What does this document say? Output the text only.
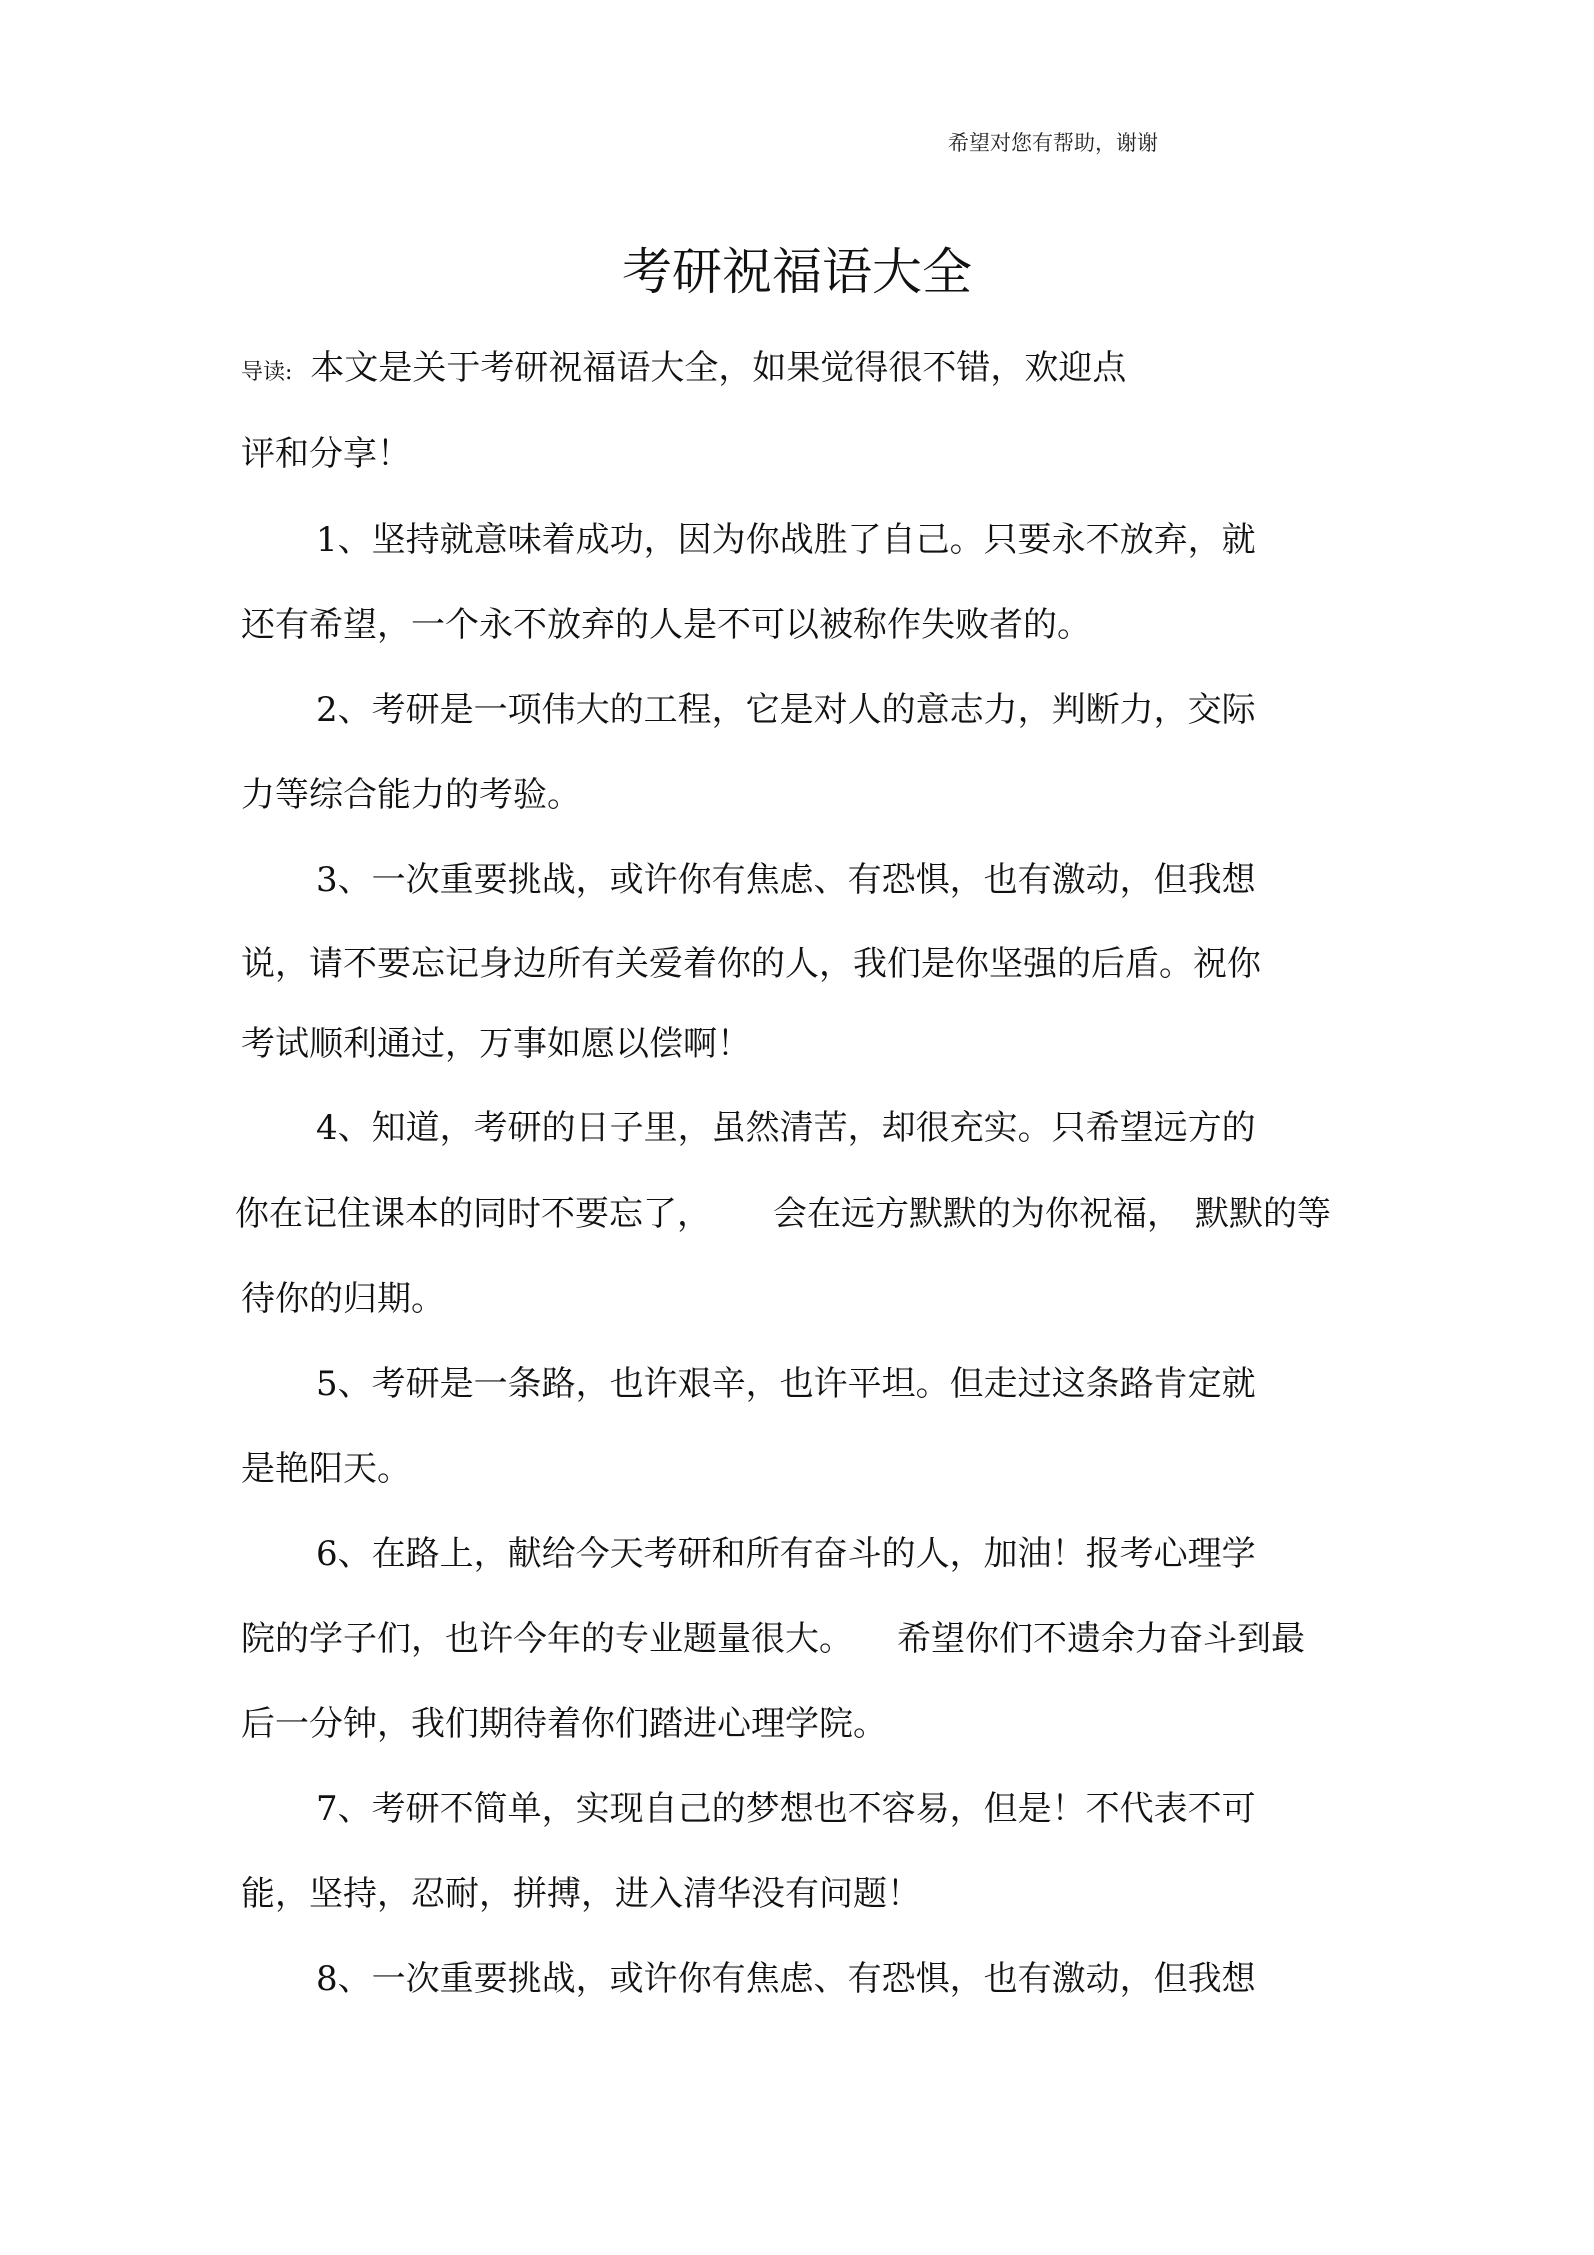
希望对您有帮助，谢谢
考研祝福语大全
导读: 本文是关于考研祝福语大全，如果觉得很不错，欢迎点
评和分享！
1、坚持就意味着成功，因为你战胜了自己。只要永不放弃，就
还有希望，一个永不放弃的人是不可以被称作失败者的。
2、考研是一项伟大的工程，它是对人的意志力，判断力，交际
力等综合能力的考验。
3、一次重要挑战，或许你有焦虑、有恐惧，也有激动，但我想
说，请不要忘记身边所有关爱着你的人，我们是你坚强的后盾。祝你
考试顺利通过，万事如愿以偿啊！
4、知道，考研的日子里，虽然清苦，却很充实。只希望远方的
你在记住课本的同时不要忘了， 会在远方默默的为你祝福， 默默的等
待你的归期。
5、考研是一条路，也许艰辛，也许平坦。但走过这条路肯定就
是艳阳天。
6、在路上，献给今天考研和所有奋斗的人，加油！报考心理学
院的学子们，也许今年的专业题量很大。 希望你们不遗余力奋斗到最
后一分钟，我们期待着你们踏进心理学院。
7、考研不简单，实现自己的梦想也不容易，但是！不代表不可
能，坚持，忍耐，拼搏，进入清华没有问题！
8、一次重要挑战，或许你有焦虑、有恐惧，也有激动，但我想
